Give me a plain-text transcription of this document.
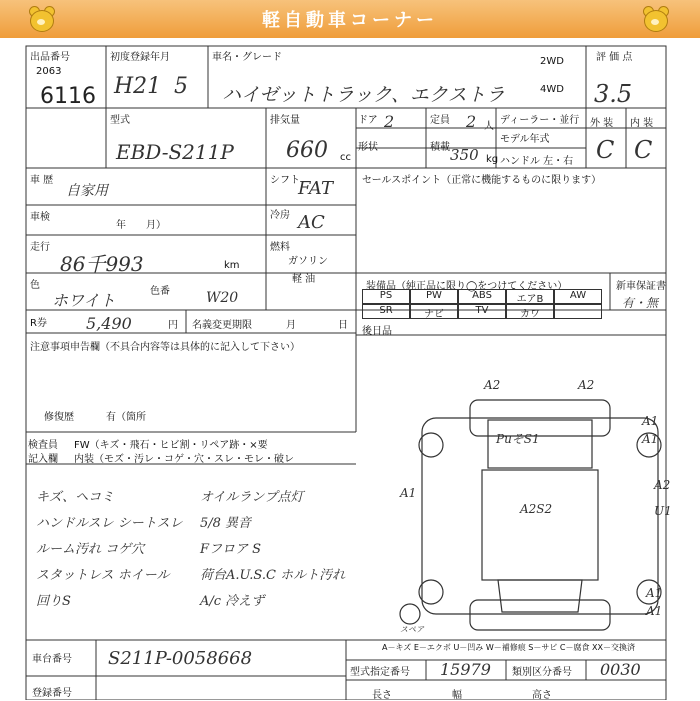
軽自動車コーナー
出品番号
2063
6116
初度登録年月
H21 5
車名・グレード
ハイゼットトラック、エクストラ
2WD
4WD
評 価 点
3.5
型式
EBD-S211P
排気量
660 cc
ドア 2	定員 2 人
ディーラー・並行
形状	積載 350 kg
モデル年式
ハンドル 左・右
外 装 内 装
C C
車 歴
自家用
車検
年　　月）
走行
86千993	km
色
ホワイト	色番	W20
シフト
FAT
冷房 AC
燃料
ガソリン
軽 油
R券 5,490	円 名義変更期限	月	日
注意事項申告欄（不具合内容等は具体的に記入して下さい）
修復歴	有（箇所
検査員 FW（キズ・飛石・ヒビ割・リペア跡・×要
記入欄 内装（モズ・汚レ・コゲ・穴・スレ・モレ・破レ
セールスポイント（正常に機能するものに限ります）
装備品（純正品に限り◯をつけてください）	新車保証書
有・無
PS	PW	ABS	エアB	AW
SR	ナビ	TV	カワ
後日品
キズ、ヘコミ	オイルランプ点灯
ハンドルスレ シートスレ 5/8 異音
ルーム汚れ コゲ穴	Fフロア S
スタットレス ホイール 荷台A.U.S.C ホルト汚れ
回りS	A/c 冷えず
A2	A2
A1
A1
A1
A2
U1
A1
A1
PuそS1
A2S2
スペア
A－キズ E－エクボ U－凹み W－補修痕 S－サビ C－腐食 XX－交換済
車台番号 S211P-0058668
登録番号
型式指定番号 15979 類別区分番号 0030
長さ	幅	高さ
